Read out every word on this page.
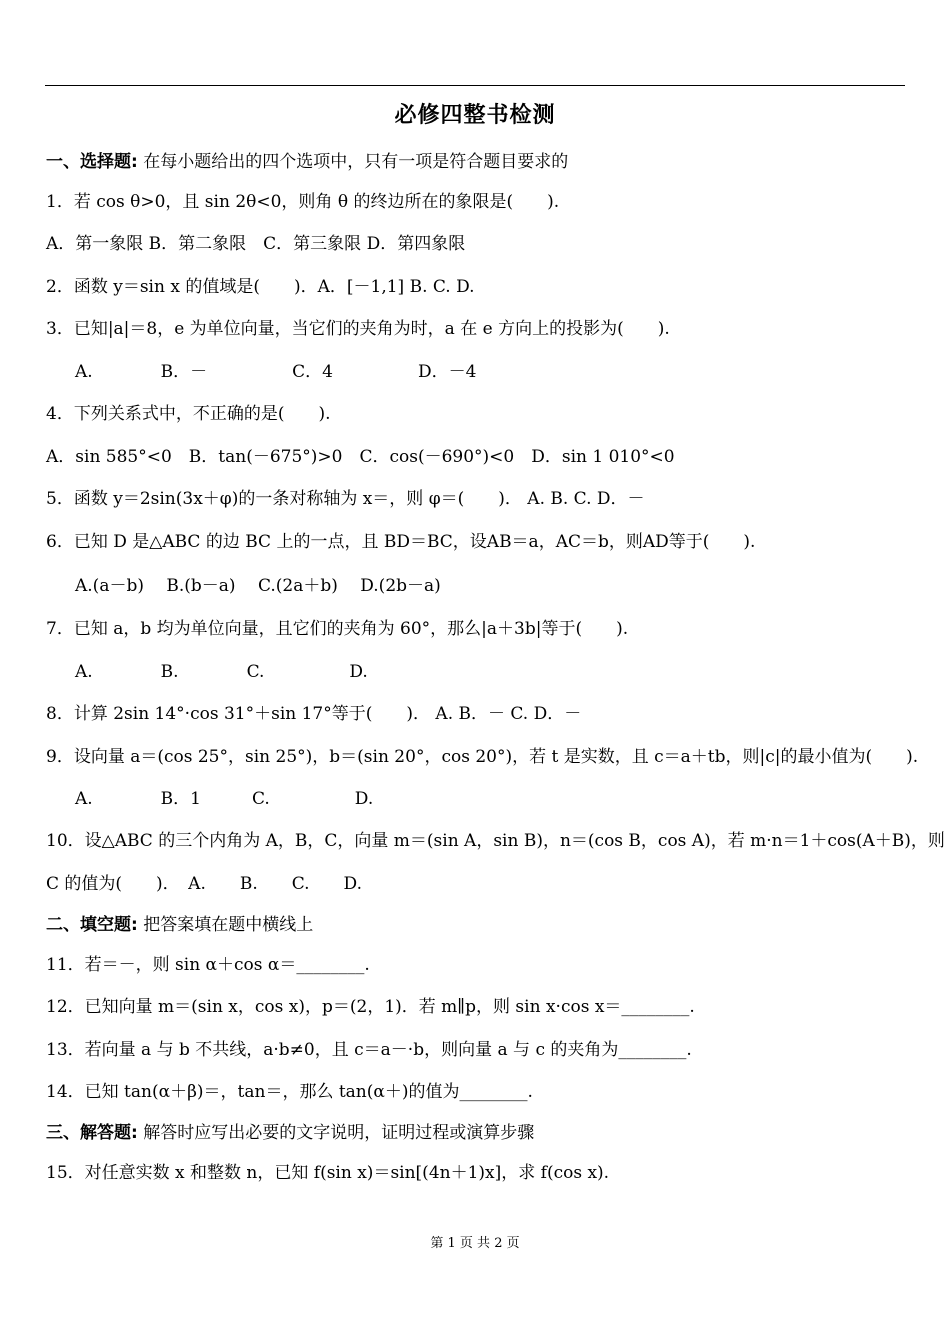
必修四整书检测
一、选择题: 在每小题给出的四个选项中，只有一项是符合题目要求的
1．若 cos θ>0，且 sin 2θ<0，则角 θ 的终边所在的象限是(　　).
A．第一象限 B．第二象限　C．第三象限 D．第四象限
2．函数 y＝sin x 的值域是(　　)．A．[－1,1] B. C. D.
3．已知|a|＝8，e 为单位向量，当它们的夹角为时，a 在 e 方向上的投影为(　　).
A.　　　　B．－　　　　　C．4　　　　　D．－4
4．下列关系式中，不正确的是(　　).
A．sin 585°<0　B．tan(－675°)>0　C．cos(－690°)<0　D．sin 1 010°<0
5．函数 y＝2sin(3x＋φ)的一条对称轴为 x＝，则 φ＝(　　)． A. B. C. D．－
6．已知 D 是△ABC 的边 BC 上的一点，且 BD＝BC，设AB＝a，AC＝b，则AD等于(　　).
A.(a－b)　 B.(b－a)　 C.(2a＋b)　 D.(2b－a)
7．已知 a，b 均为单位向量，且它们的夹角为 60°，那么|a＋3b|等于(　　).
A.　　　　B.　　　　C.　　　　　D.
8．计算 2sin 14°·cos 31°＋sin 17°等于(　　)． A. B．－ C. D．－
9．设向量 a＝(cos 25°，sin 25°)，b＝(sin 20°，cos 20°)，若 t 是实数，且 c＝a＋tb，则|c|的最小值为(　　).
A.　　　　B．1　　　C.　　　　　D.
10．设△ABC 的三个内角为 A，B，C，向量 m＝(sin A，sin B)，n＝(cos B，cos A)，若 m·n＝1＋cos(A＋B)，则
C 的值为(　　)．　A.　　B.　　C.　　D.
二、填空题: 把答案填在题中横线上
11．若＝－，则 sin α＋cos α＝________.
12．已知向量 m＝(sin x，cos x)，p＝(2，1)．若 m∥p，则 sin x·cos x＝________.
13．若向量 a 与 b 不共线，a·b≠0，且 c＝a－·b，则向量 a 与 c 的夹角为________.
14．已知 tan(α＋β)＝，tan＝，那么 tan(α＋)的值为________.
三、解答题: 解答时应写出必要的文字说明，证明过程或演算步骤
15．对任意实数 x 和整数 n，已知 f(sin x)＝sin[(4n＋1)x]，求 f(cos x).
第 1 页 共 2 页
